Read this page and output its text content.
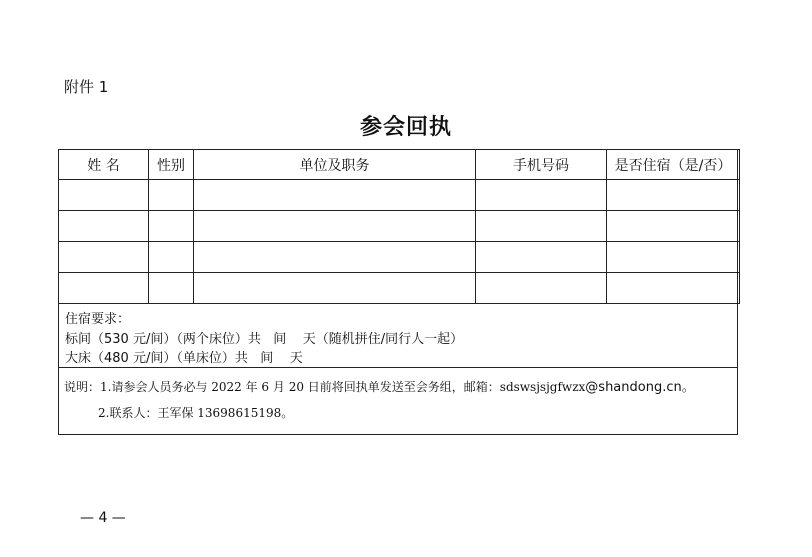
附件 1
参会回执
姓 名	性别	单位及职务	手机号码	是否住宿（是/否）

住宿要求：
标间（530 元/间）（两个床位）共   间    天（随机拼住/同行人一起）
大床（480 元/间）（单床位）共   间    天
说明：1.请参会人员务必与 2022 年 6 月 20 日前将回执单发送至会务组，邮箱：sdswsjsjgfwzx@shandong.cn。
2.联系人：王军保 13698615198。
— 4 —
